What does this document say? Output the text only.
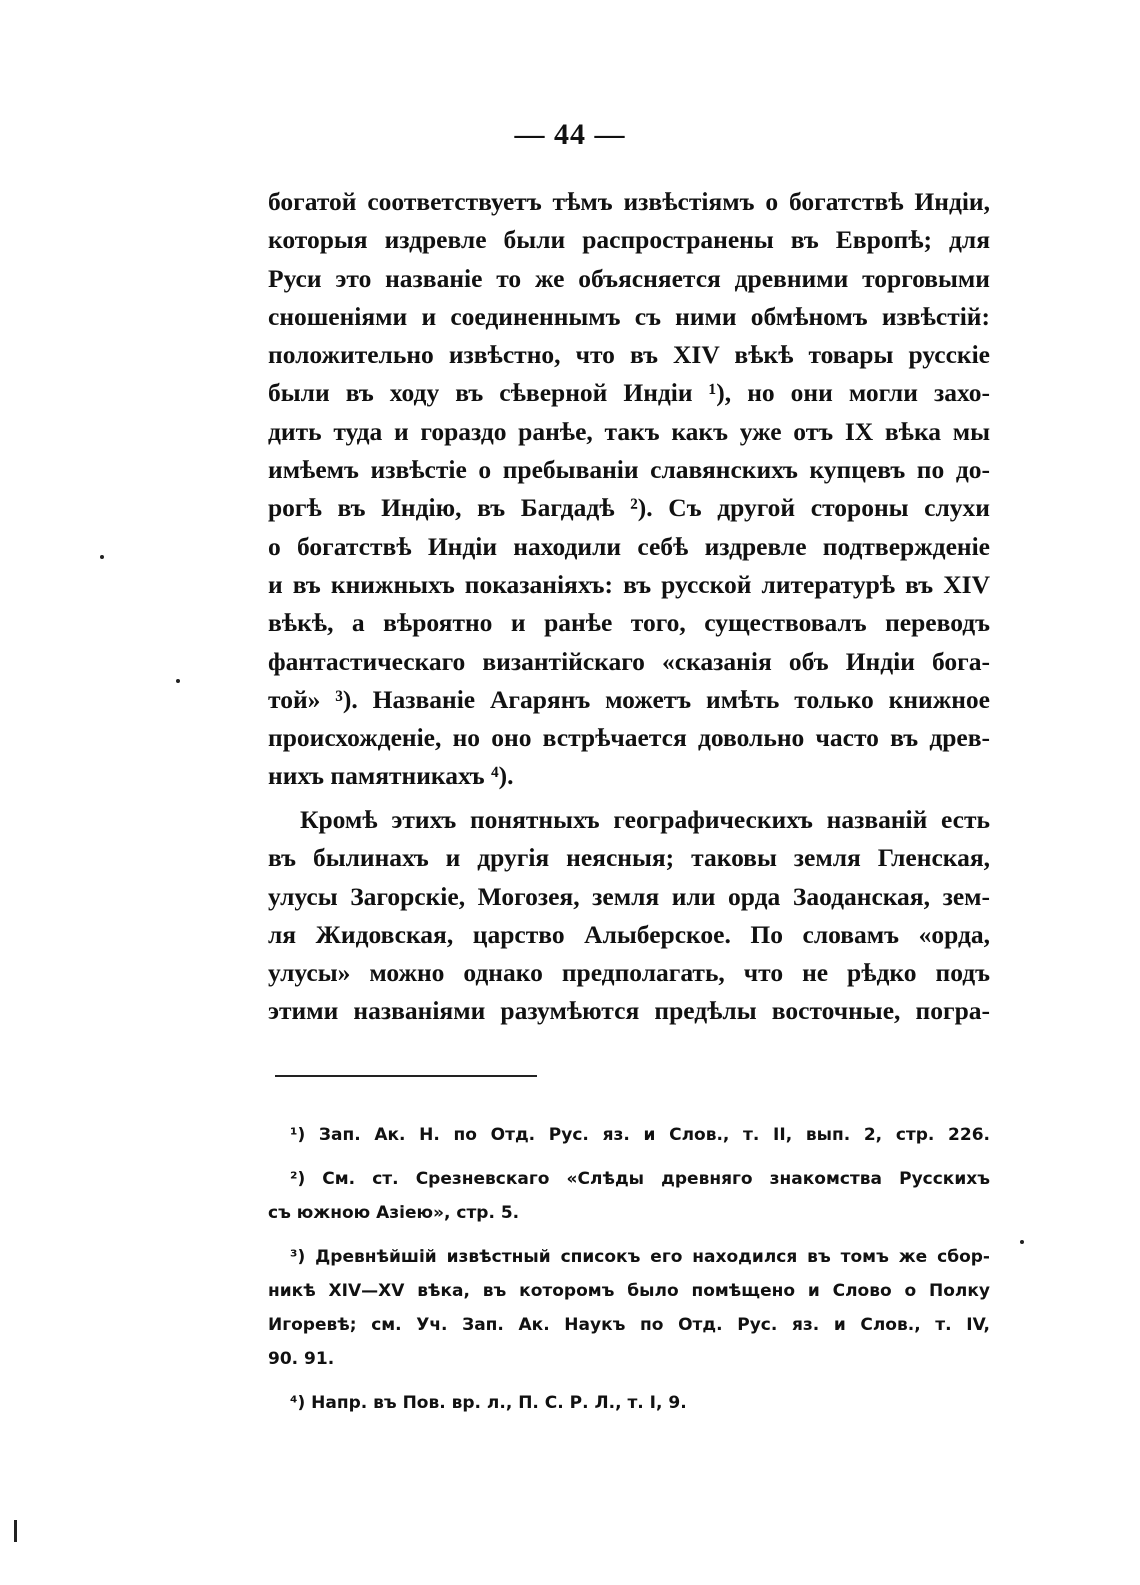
— 44 —
богатой соответствуетъ тѣмъ извѣстіямъ о богатствѣ Индіи,
которыя издревле были распространены въ Европѣ; для
Руси это названіе то же объясняется древними торговыми
сношеніями и соединеннымъ съ ними обмѣномъ извѣстій:
положительно извѣстно, что въ XIV вѣкѣ товары русскіе
были въ ходу въ сѣверной Индіи ¹), но они могли захо-
дить туда и гораздо ранѣе, такъ какъ уже отъ IX вѣка мы
имѣемъ извѣстіе о пребываніи славянскихъ купцевъ по до-
рогѣ въ Индію, въ Багдадѣ ²). Съ другой стороны слухи
о богатствѣ Индіи находили себѣ издревле подтвержденіе
и въ книжныхъ показаніяхъ: въ русской литературѣ въ XIV
вѣкѣ, а вѣроятно и ранѣе того, существовалъ переводъ
фантастическаго византійскаго «сказанія объ Индіи бога-
той» ³). Названіе Агарянъ можетъ имѣть только книжное
происхожденіе, но оно встрѣчается довольно часто въ древ-
нихъ памятникахъ ⁴).
Кромѣ этихъ понятныхъ географическихъ названій есть
въ былинахъ и другія неясныя; таковы земля Гленская,
улусы Загорскіе, Могозея, земля или орда Заоданская, зем-
ля Жидовская, царство Алыберское. По словамъ «орда,
улусы» можно однако предполагать, что не рѣдко подъ
этими названіями разумѣются предѣлы восточные, погра-
¹) Зап. Ак. Н. по Отд. Рус. яз. и Слов., т. II, вып. 2, стр. 226.
²) См. ст. Срезневскаго «Слѣды древняго знакомства Русскихъ
съ южною Азіею», стр. 5.
³) Древнѣйшій извѣстный списокъ его находился въ томъ же сбор-
никѣ XIV—XV вѣка, въ которомъ было помѣщено и Слово о Полку
Игоревѣ; см. Уч. Зап. Ак. Наукъ по Отд. Рус. яз. и Слов., т. IV,
90. 91.
⁴) Напр. въ Пов. вр. л., П. С. Р. Л., т. I, 9.
